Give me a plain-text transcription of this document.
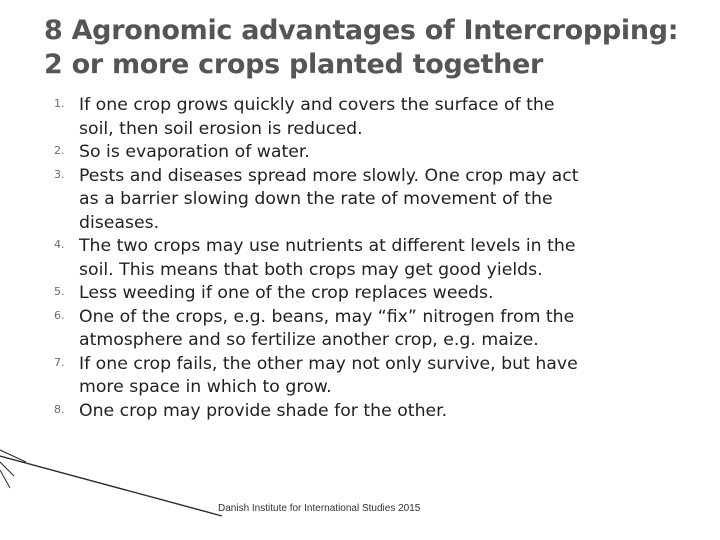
8 Agronomic advantages of Intercropping:
2 or more crops planted together
1. If one crop grows quickly and covers the surface of the
soil, then soil erosion is reduced.
2. So is evaporation of water.
3. Pests and diseases spread more slowly. One crop may act
as a barrier slowing down the rate of movement of the
diseases.
4. The two crops may use nutrients at different levels in the
soil. This means that both crops may get good yields.
5. Less weeding if one of the crop replaces weeds.
6. One of the crops, e.g. beans, may “fix” nitrogen from the
atmosphere and so fertilize another crop, e.g. maize.
7. If one crop fails, the other may not only survive, but have
more space in which to grow.
8. One crop may provide shade for the other.
Danish Institute for International Studies 2015
